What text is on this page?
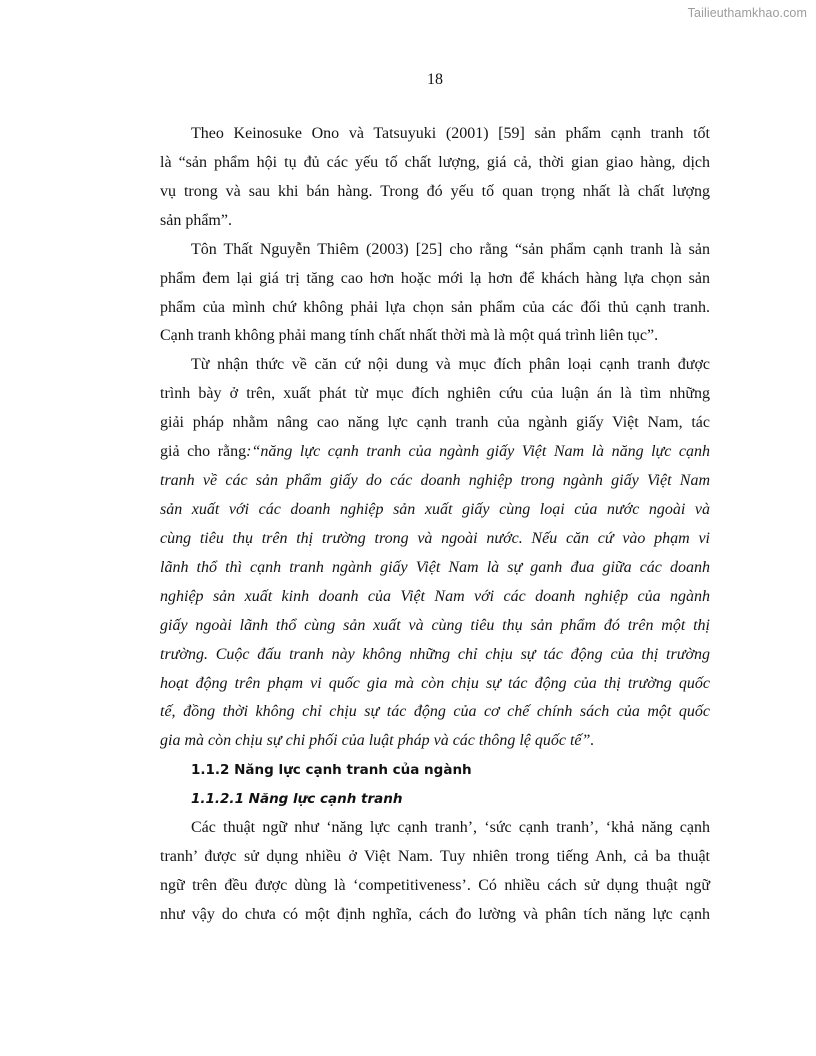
Tailieuthamkhao.com
18
Theo Keinosuke Ono và Tatsuyuki (2001) [59] sản phẩm cạnh tranh tốt
là “sản phẩm hội tụ đủ các yếu tố chất lượng, giá cả, thời gian giao hàng, dịch
vụ trong và sau khi bán hàng. Trong đó yếu tố quan trọng nhất là chất lượng
sản phẩm”.
Tôn Thất Nguyễn Thiêm (2003) [25] cho rằng “sản phẩm cạnh tranh là sản
phẩm đem lại giá trị tăng cao hơn hoặc mới lạ hơn để khách hàng lựa chọn sản
phẩm của mình chứ không phải lựa chọn sản phẩm của các đối thủ cạnh tranh.
Cạnh tranh không phải mang tính chất nhất thời mà là một quá trình liên tục”.
Từ nhận thức về căn cứ nội dung và mục đích phân loại cạnh tranh được
trình bày ở trên, xuất phát từ mục đích nghiên cứu của luận án là tìm những
giải pháp nhằm nâng cao năng lực cạnh tranh của ngành giấy Việt Nam, tác
giả cho rằng:“năng lực cạnh tranh của ngành giấy Việt Nam là năng lực cạnh
tranh về các sản phẩm giấy do các doanh nghiệp trong ngành giấy Việt Nam
sản xuất với các doanh nghiệp sản xuất giấy cùng loại của nước ngoài và
cùng tiêu thụ trên thị trường trong và ngoài nước. Nếu căn cứ vào phạm vi
lãnh thổ thì cạnh tranh ngành giấy Việt Nam là sự ganh đua giữa các doanh
nghiệp sản xuất kinh doanh của Việt Nam với các doanh nghiệp của ngành
giấy ngoài lãnh thổ cùng sản xuất và cùng tiêu thụ sản phẩm đó trên một thị
trường. Cuộc đấu tranh này không những chỉ chịu sự tác động của thị trường
hoạt động trên phạm vi quốc gia mà còn chịu sự tác động của thị trường quốc
tế, đồng thời không chỉ chịu sự tác động của cơ chế chính sách của một quốc
gia mà còn chịu sự chi phối của luật pháp và các thông lệ quốc tế”.
1.1.2 Năng lực cạnh tranh của ngành
1.1.2.1 Năng lực cạnh tranh
Các thuật ngữ như ‘năng lực cạnh tranh’, ‘sức cạnh tranh’, ‘khả năng cạnh
tranh’ được sử dụng nhiều ở Việt Nam. Tuy nhiên trong tiếng Anh, cả ba thuật
ngữ trên đều được dùng là ‘competitiveness’. Có nhiều cách sử dụng thuật ngữ
như vậy do chưa có một định nghĩa, cách đo lường và phân tích năng lực cạnh
